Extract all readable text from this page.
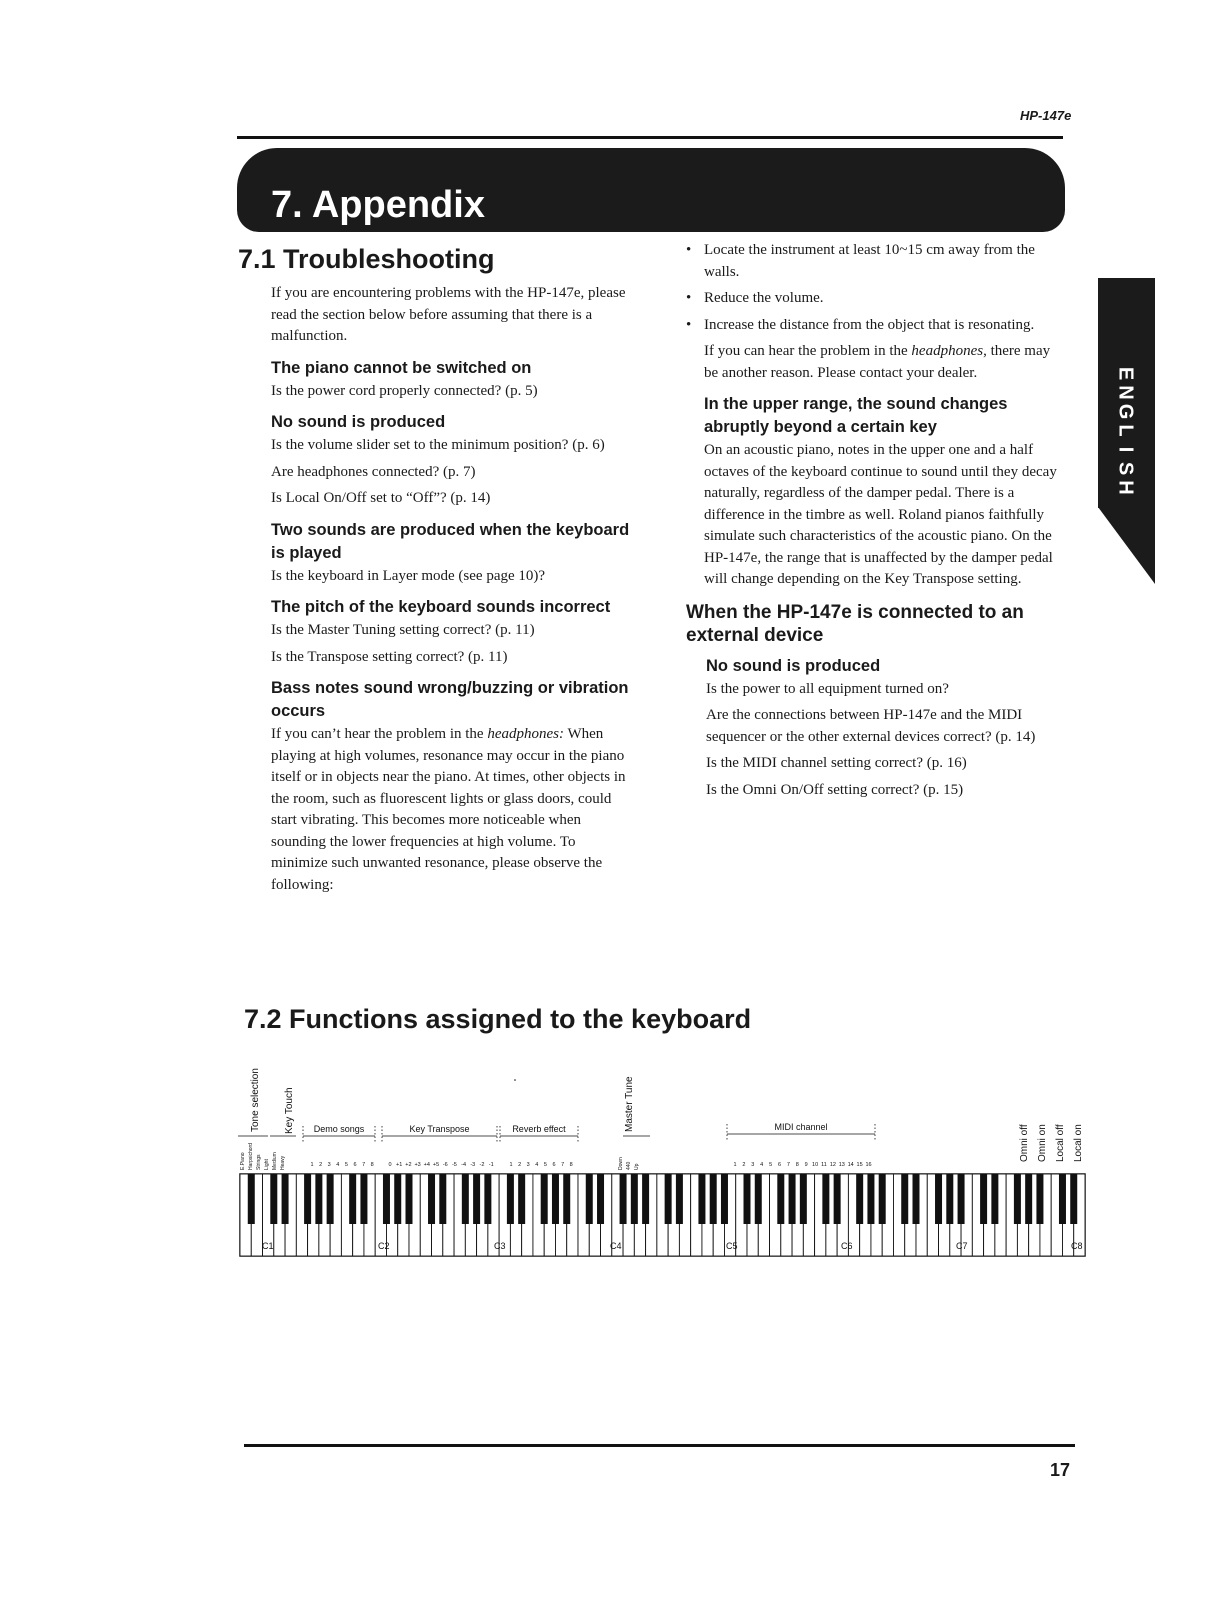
HP-147e
7. Appendix
E
N
G
L
I
S
H
7.1 Troubleshooting

If you are encountering problems with the HP-147e, please read the section below before assuming that there is a malfunction.

The piano cannot be switched on

Is the power cord properly connected? (p. 5)

No sound is produced

Is the volume slider set to the minimum position? (p. 6)

Are headphones connected? (p. 7)

Is Local On/Off set to “Off”? (p. 14)

Two sounds are produced when the keyboard is played

Is the keyboard in Layer mode (see page 10)?

The pitch of the keyboard sounds incorrect

Is the Master Tuning setting correct? (p. 11)

Is the Transpose setting correct? (p. 11)

Bass notes sound wrong/buzzing or vibration occurs

If you can’t hear the problem in the headphones: When playing at high volumes, resonance may occur in the piano itself or in objects near the piano. At times, other objects in the room, such as fluorescent lights or glass doors, could start vibrating. This becomes more noticeable when sounding the lower frequencies at high volume. To minimize such unwanted resonance, please observe the following:

• Locate the instrument at least 10~15 cm away from the walls.
• Reduce the volume.
• Increase the distance from the object that is resonating.

If you can hear the problem in the headphones, there may be another reason. Please contact your dealer.

In the upper range, the sound changes abruptly beyond a certain key

On an acoustic piano, notes in the upper one and a half octaves of the keyboard continue to sound until they decay naturally, regardless of the damper pedal. There is a difference in the timbre as well. Roland pianos faithfully simulate such characteristics of the acoustic piano. On the HP-147e, the range that is unaffected by the damper pedal will change depending on the Key Transpose setting.

When the HP-147e is connected to an external device
No sound is produced

Is the power to all equipment turned on?

Are the connections between HP-147e and the MIDI sequencer or the other external devices correct? (p. 14)

Is the MIDI channel setting correct? (p. 16)

Is the Omni On/Off setting correct? (p. 15)

7.2 Functions assigned to the keyboard
C1	C2	C3	C4	C5	C6	C7	C8
Tone selection Key Touch	Master Tune
Omni off Omni on Local off Local on
Demo songs	Key Transpose	Reverb effect	MIDI channel
E.Piano Harpsichord Strings Light Medium Heavy	1 2 3 4 5 6 7 8	0 +1 +2 +3 +4 +5 -6 -5 -4 -3 -2 -1	1 2 3 4 5 6 7 8	Down 440 Up	1 2 3 4 5 6 7 8 9 10 11 12 13 14 15 16
17
